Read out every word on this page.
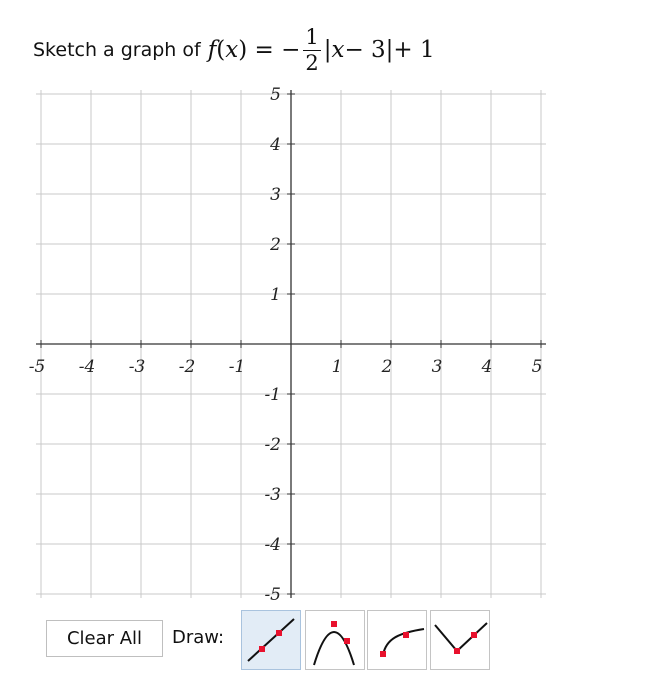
Sketch a graph of f ( x ) = − $\frac{1}{2}$ | x − 3 | + 1
-5 -4 -3 -2 -1	1 2 3 4 5
5
4
3
2
1
-1
-2
-3
-4
-5
Clear All	Draw:
